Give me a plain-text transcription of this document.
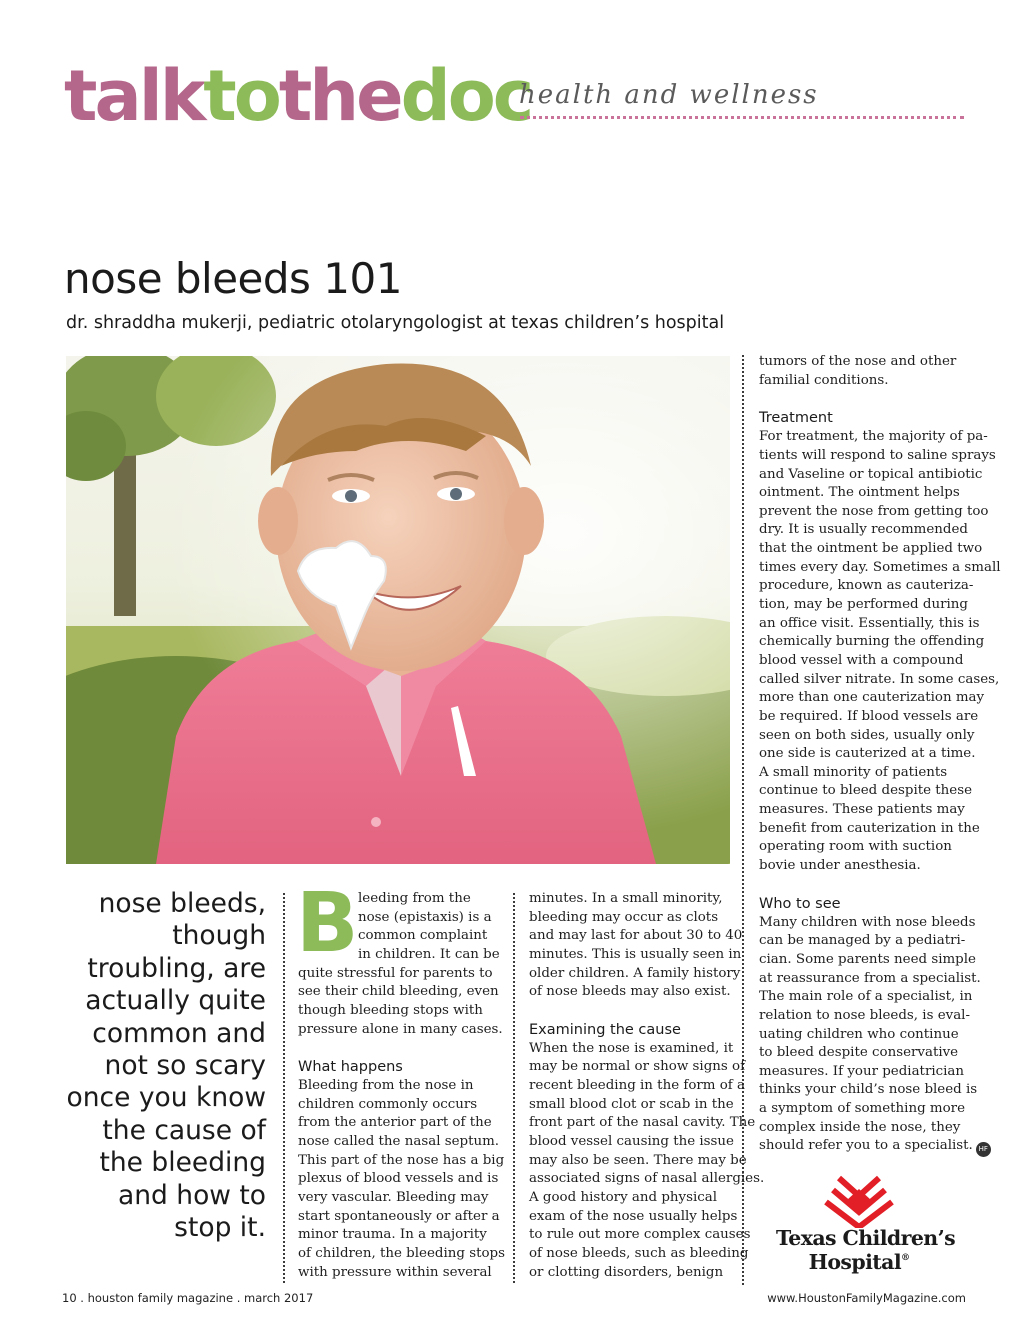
talktothedoc
health and wellness
nose bleeds 101
dr. shraddha mukerji, pediatric otolaryngologist at texas children’s hospital
nose bleeds,
though
troubling, are
actually quite
common and
not so scary
once you know
the cause of
the bleeding
and how to
stop it.
B leeding from the
nose (epistaxis) is a
common complaint
in children. It can be
quite stressful for parents to
see their child bleeding, even
though bleeding stops with
pressure alone in many cases.
What happens
Bleeding from the nose in
children commonly occurs
from the anterior part of the
nose called the nasal septum.
This part of the nose has a big
plexus of blood vessels and is
very vascular. Bleeding may
start spontaneously or after a
minor trauma. In a majority
of children, the bleeding stops
with pressure within several
minutes. In a small minority,
bleeding may occur as clots
and may last for about 30 to 40
minutes. This is usually seen in
older children. A family history
of nose bleeds may also exist.
Examining the cause
When the nose is examined, it
may be normal or show signs of
recent bleeding in the form of a
small blood clot or scab in the
front part of the nasal cavity. The
blood vessel causing the issue
may also be seen. There may be
associated signs of nasal allergies.
A good history and physical
exam of the nose usually helps
to rule out more complex causes
of nose bleeds, such as bleeding
or clotting disorders, benign
tumors of the nose and other
familial conditions.
Treatment
For treatment, the majority of pa-
tients will respond to saline sprays
and Vaseline or topical antibiotic
ointment. The ointment helps
prevent the nose from getting too
dry. It is usually recommended
that the ointment be applied two
times every day. Sometimes a small
procedure, known as cauteriza-
tion, may be performed during
an office visit. Essentially, this is
chemically burning the offending
blood vessel with a compound
called silver nitrate. In some cases,
more than one cauterization may
be required. If blood vessels are
seen on both sides, usually only
one side is cauterized at a time.
A small minority of patients
continue to bleed despite these
measures. These patients may
benefit from cauterization in the
operating room with suction
bovie under anesthesia.
Who to see
Many children with nose bleeds
can be managed by a pediatri-
cian. Some parents need simple
at reassurance from a specialist.
The main role of a specialist, in
relation to nose bleeds, is eval-
uating children who continue
to bleed despite conservative
measures. If your pediatrician
thinks your child’s nose bleed is
a symptom of something more
complex inside the nose, they
should refer you to a specialist. HF
Texas Children’s
Hospital®
10 . houston family magazine . march 2017	www.HoustonFamilyMagazine.com
